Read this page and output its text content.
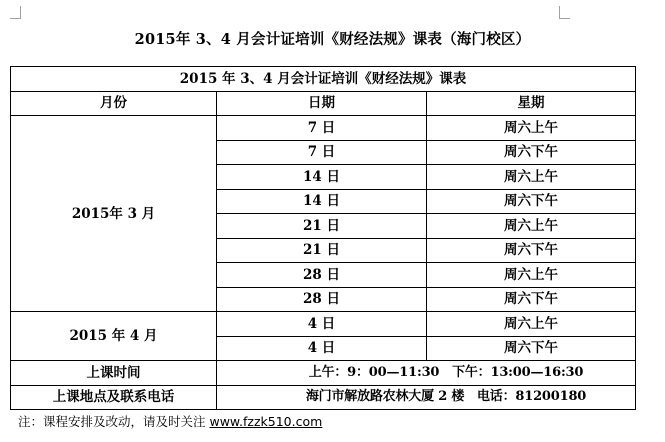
2015年 3、4 月会计证培训《财经法规》课表（海门校区）
2015 年 3、4 月会计证培训《财经法规》课表		
月份	日期	星期
2015年 3 月	7 日	周六上午
	7 日	周六下午
	14 日	周六上午
	14 日	周六下午
	21 日	周六上午
	21 日	周六下午
	28 日	周六上午
	28 日	周六下午
2015 年 4 月	4 日	周六上午
	4 日	周六下午
上课时间	上午：9：00—11:30　下午：13:00—16:30	
上课地点及联系电话	海门市解放路农林大厦 2 楼　电话：81200180	
注：课程安排及改动，请及时关注 www.fzzk510.com
